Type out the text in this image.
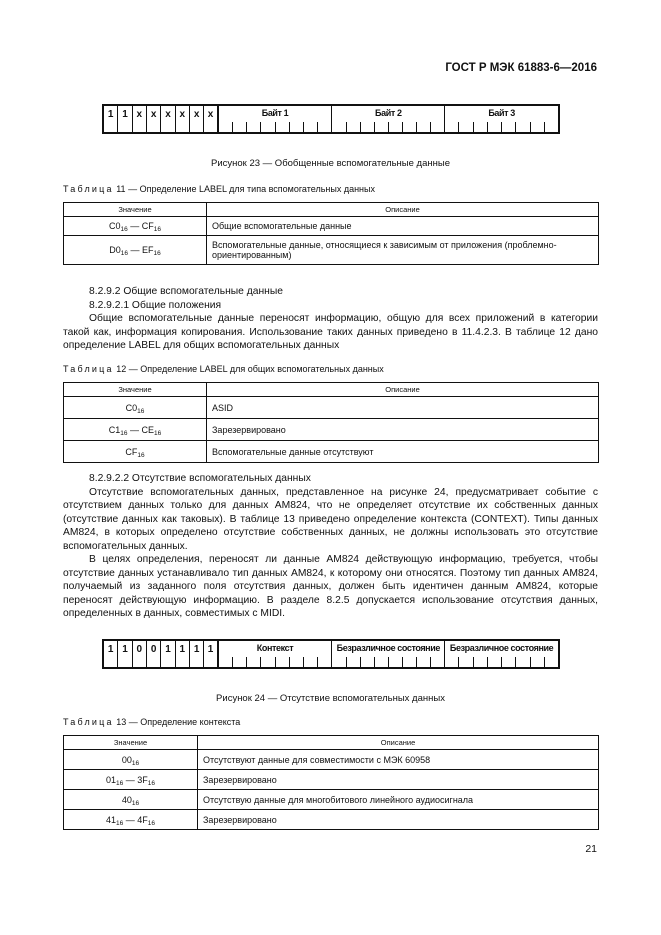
ГОСТ Р МЭК 61883-6—2016
1 1 x x x x x x	Байт 1	Байт 2	Байт 3
Рисунок 23 — Обобщенные вспомогательные данные
Таблица 11 — Определение LABEL для типа вспомогательных данных
Значение	Описание
$C0_{16}$ — $CF_{16}$	Общие вспомогательные данные
$D0_{16}$ — $EF_{16}$	Вспомогательные данные, относящиеся к зависимым от приложения (проблемно-ориентированным)

8.2.9.2 Общие вспомогательные данные

8.2.9.2.1 Общие положения

Общие вспомогательные данные переносят информацию, общую для всех приложений в категории такой как, информация копирования. Использование таких данных приведено в 11.4.2.3. В таблице 12 дано определение LABEL для общих вспомогательных данных

Таблица 12 — Определение LABEL для общих вспомогательных данных
Значение	Описание
$C0_{16}$	ASID
$C1_{16}$ — $CE_{16}$	Зарезервировано
$CF_{16}$	Вспомогательные данные отсутствуют

8.2.9.2.2 Отсутствие вспомогательных данных

Отсутствие вспомогательных данных, представленное на рисунке 24, предусматривает событие с отсутствием данных только для данных АМ824, что не определяет отсутствие их собственных данных (отсутствие данных как таковых). В таблице 13 приведено определение контекста (CONTEXT). Типы данных АМ824, в которых определено отсутствие собственных данных, не должны использовать это отсутствие вспомогательных данных.

В целях определения, переносят ли данные АМ824 действующую информацию, требуется, чтобы отсутствие данных устанавливало тип данных АМ824, к которому они относятся. Поэтому тип данных АМ824, получаемый из заданного поля отсутствия данных, должен быть идентичен данным АМ824, которые переносят действующую информацию. В разделе 8.2.5 допускается использование отсутствия данных, определенных в данных, совместимых с MIDI.

1 1 0 0 1 1 1 1	Контекст	Безразличное состояние	Безразличное состояние
Рисунок 24 — Отсутствие вспомогательных данных
Таблица 13 — Определение контекста
Значение	Описание
$00_{16}$	Отсутствуют данные для совместимости с МЭК 60958
$01_{16}$ — $3F_{16}$	Зарезервировано
$40_{16}$	Отсутствую данные для многобитового линейного аудиосигнала
$41_{16}$ — $4F_{16}$	Зарезервировано
21
